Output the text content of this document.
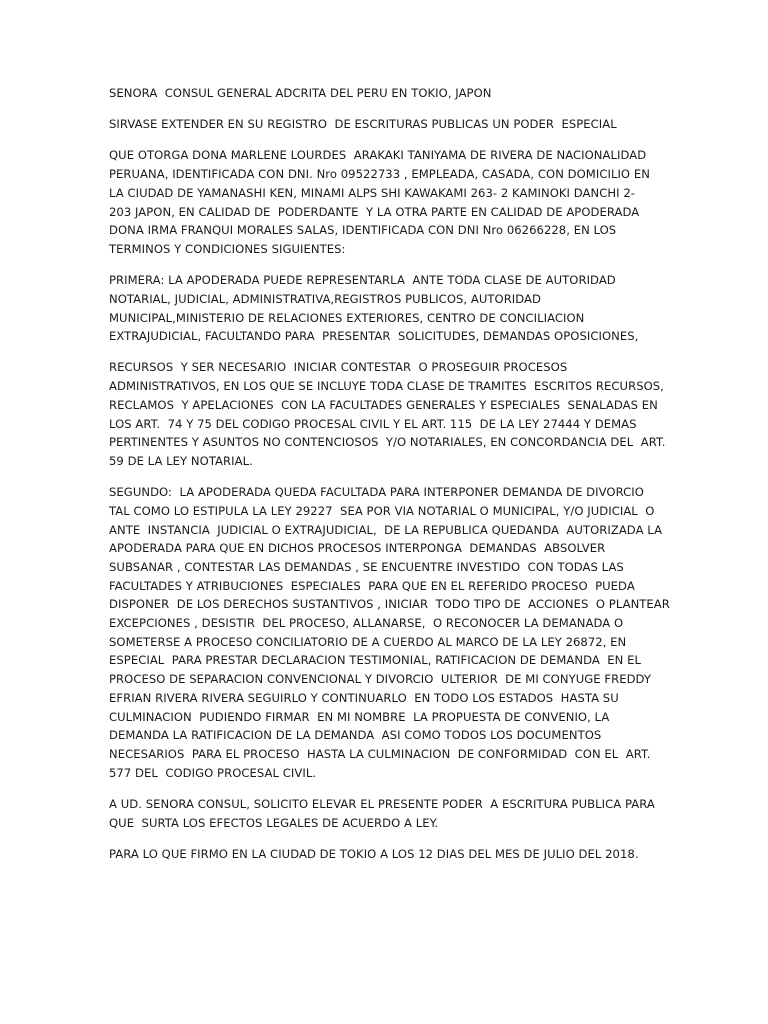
SENORA  CONSUL GENERAL ADCRITA DEL PERU EN TOKIO, JAPON

SIRVASE EXTENDER EN SU REGISTRO  DE ESCRITURAS PUBLICAS UN PODER  ESPECIAL

QUE OTORGA DONA MARLENE LOURDES  ARAKAKI TANIYAMA DE RIVERA DE NACIONALIDAD
PERUANA, IDENTIFICADA CON DNI. Nro 09522733 , EMPLEADA, CASADA, CON DOMICILIO EN
LA CIUDAD DE YAMANASHI KEN, MINAMI ALPS SHI KAWAKAMI 263- 2 KAMINOKI DANCHI 2-
203 JAPON, EN CALIDAD DE  PODERDANTE  Y LA OTRA PARTE EN CALIDAD DE APODERADA
DONA IRMA FRANQUI MORALES SALAS, IDENTIFICADA CON DNI Nro 06266228, EN LOS
TERMINOS Y CONDICIONES SIGUIENTES:

PRIMERA: LA APODERADA PUEDE REPRESENTARLA  ANTE TODA CLASE DE AUTORIDAD
NOTARIAL, JUDICIAL, ADMINISTRATIVA,REGISTROS PUBLICOS, AUTORIDAD
MUNICIPAL,MINISTERIO DE RELACIONES EXTERIORES, CENTRO DE CONCILIACION
EXTRAJUDICIAL, FACULTANDO PARA  PRESENTAR  SOLICITUDES, DEMANDAS OPOSICIONES,

RECURSOS  Y SER NECESARIO  INICIAR CONTESTAR  O PROSEGUIR PROCESOS
ADMINISTRATIVOS, EN LOS QUE SE INCLUYE TODA CLASE DE TRAMITES  ESCRITOS RECURSOS,
RECLAMOS  Y APELACIONES  CON LA FACULTADES GENERALES Y ESPECIALES  SENALADAS EN
LOS ART.  74 Y 75 DEL CODIGO PROCESAL CIVIL Y EL ART. 115  DE LA LEY 27444 Y DEMAS
PERTINENTES Y ASUNTOS NO CONTENCIOSOS  Y/O NOTARIALES, EN CONCORDANCIA DEL  ART.
59 DE LA LEY NOTARIAL.

SEGUNDO:  LA APODERADA QUEDA FACULTADA PARA INTERPONER DEMANDA DE DIVORCIO
TAL COMO LO ESTIPULA LA LEY 29227  SEA POR VIA NOTARIAL O MUNICIPAL, Y/O JUDICIAL  O
ANTE  INSTANCIA  JUDICIAL O EXTRAJUDICIAL,  DE LA REPUBLICA QUEDANDA  AUTORIZADA LA
APODERADA PARA QUE EN DICHOS PROCESOS INTERPONGA  DEMANDAS  ABSOLVER
SUBSANAR , CONTESTAR LAS DEMANDAS , SE ENCUENTRE INVESTIDO  CON TODAS LAS
FACULTADES Y ATRIBUCIONES  ESPECIALES  PARA QUE EN EL REFERIDO PROCESO  PUEDA
DISPONER  DE LOS DERECHOS SUSTANTIVOS , INICIAR  TODO TIPO DE  ACCIONES  O PLANTEAR
EXCEPCIONES , DESISTIR  DEL PROCESO, ALLANARSE,  O RECONOCER LA DEMANADA O
SOMETERSE A PROCESO CONCILIATORIO DE A CUERDO AL MARCO DE LA LEY 26872, EN
ESPECIAL  PARA PRESTAR DECLARACION TESTIMONIAL, RATIFICACION DE DEMANDA  EN EL
PROCESO DE SEPARACION CONVENCIONAL Y DIVORCIO  ULTERIOR  DE MI CONYUGE FREDDY
EFRIAN RIVERA RIVERA SEGUIRLO Y CONTINUARLO  EN TODO LOS ESTADOS  HASTA SU
CULMINACION  PUDIENDO FIRMAR  EN MI NOMBRE  LA PROPUESTA DE CONVENIO, LA
DEMANDA LA RATIFICACION DE LA DEMANDA  ASI COMO TODOS LOS DOCUMENTOS
NECESARIOS  PARA EL PROCESO  HASTA LA CULMINACION  DE CONFORMIDAD  CON EL  ART.
577 DEL  CODIGO PROCESAL CIVIL.

A UD. SENORA CONSUL, SOLICITO ELEVAR EL PRESENTE PODER  A ESCRITURA PUBLICA PARA
QUE  SURTA LOS EFECTOS LEGALES DE ACUERDO A LEY.

PARA LO QUE FIRMO EN LA CIUDAD DE TOKIO A LOS 12 DIAS DEL MES DE JULIO DEL 2018.
